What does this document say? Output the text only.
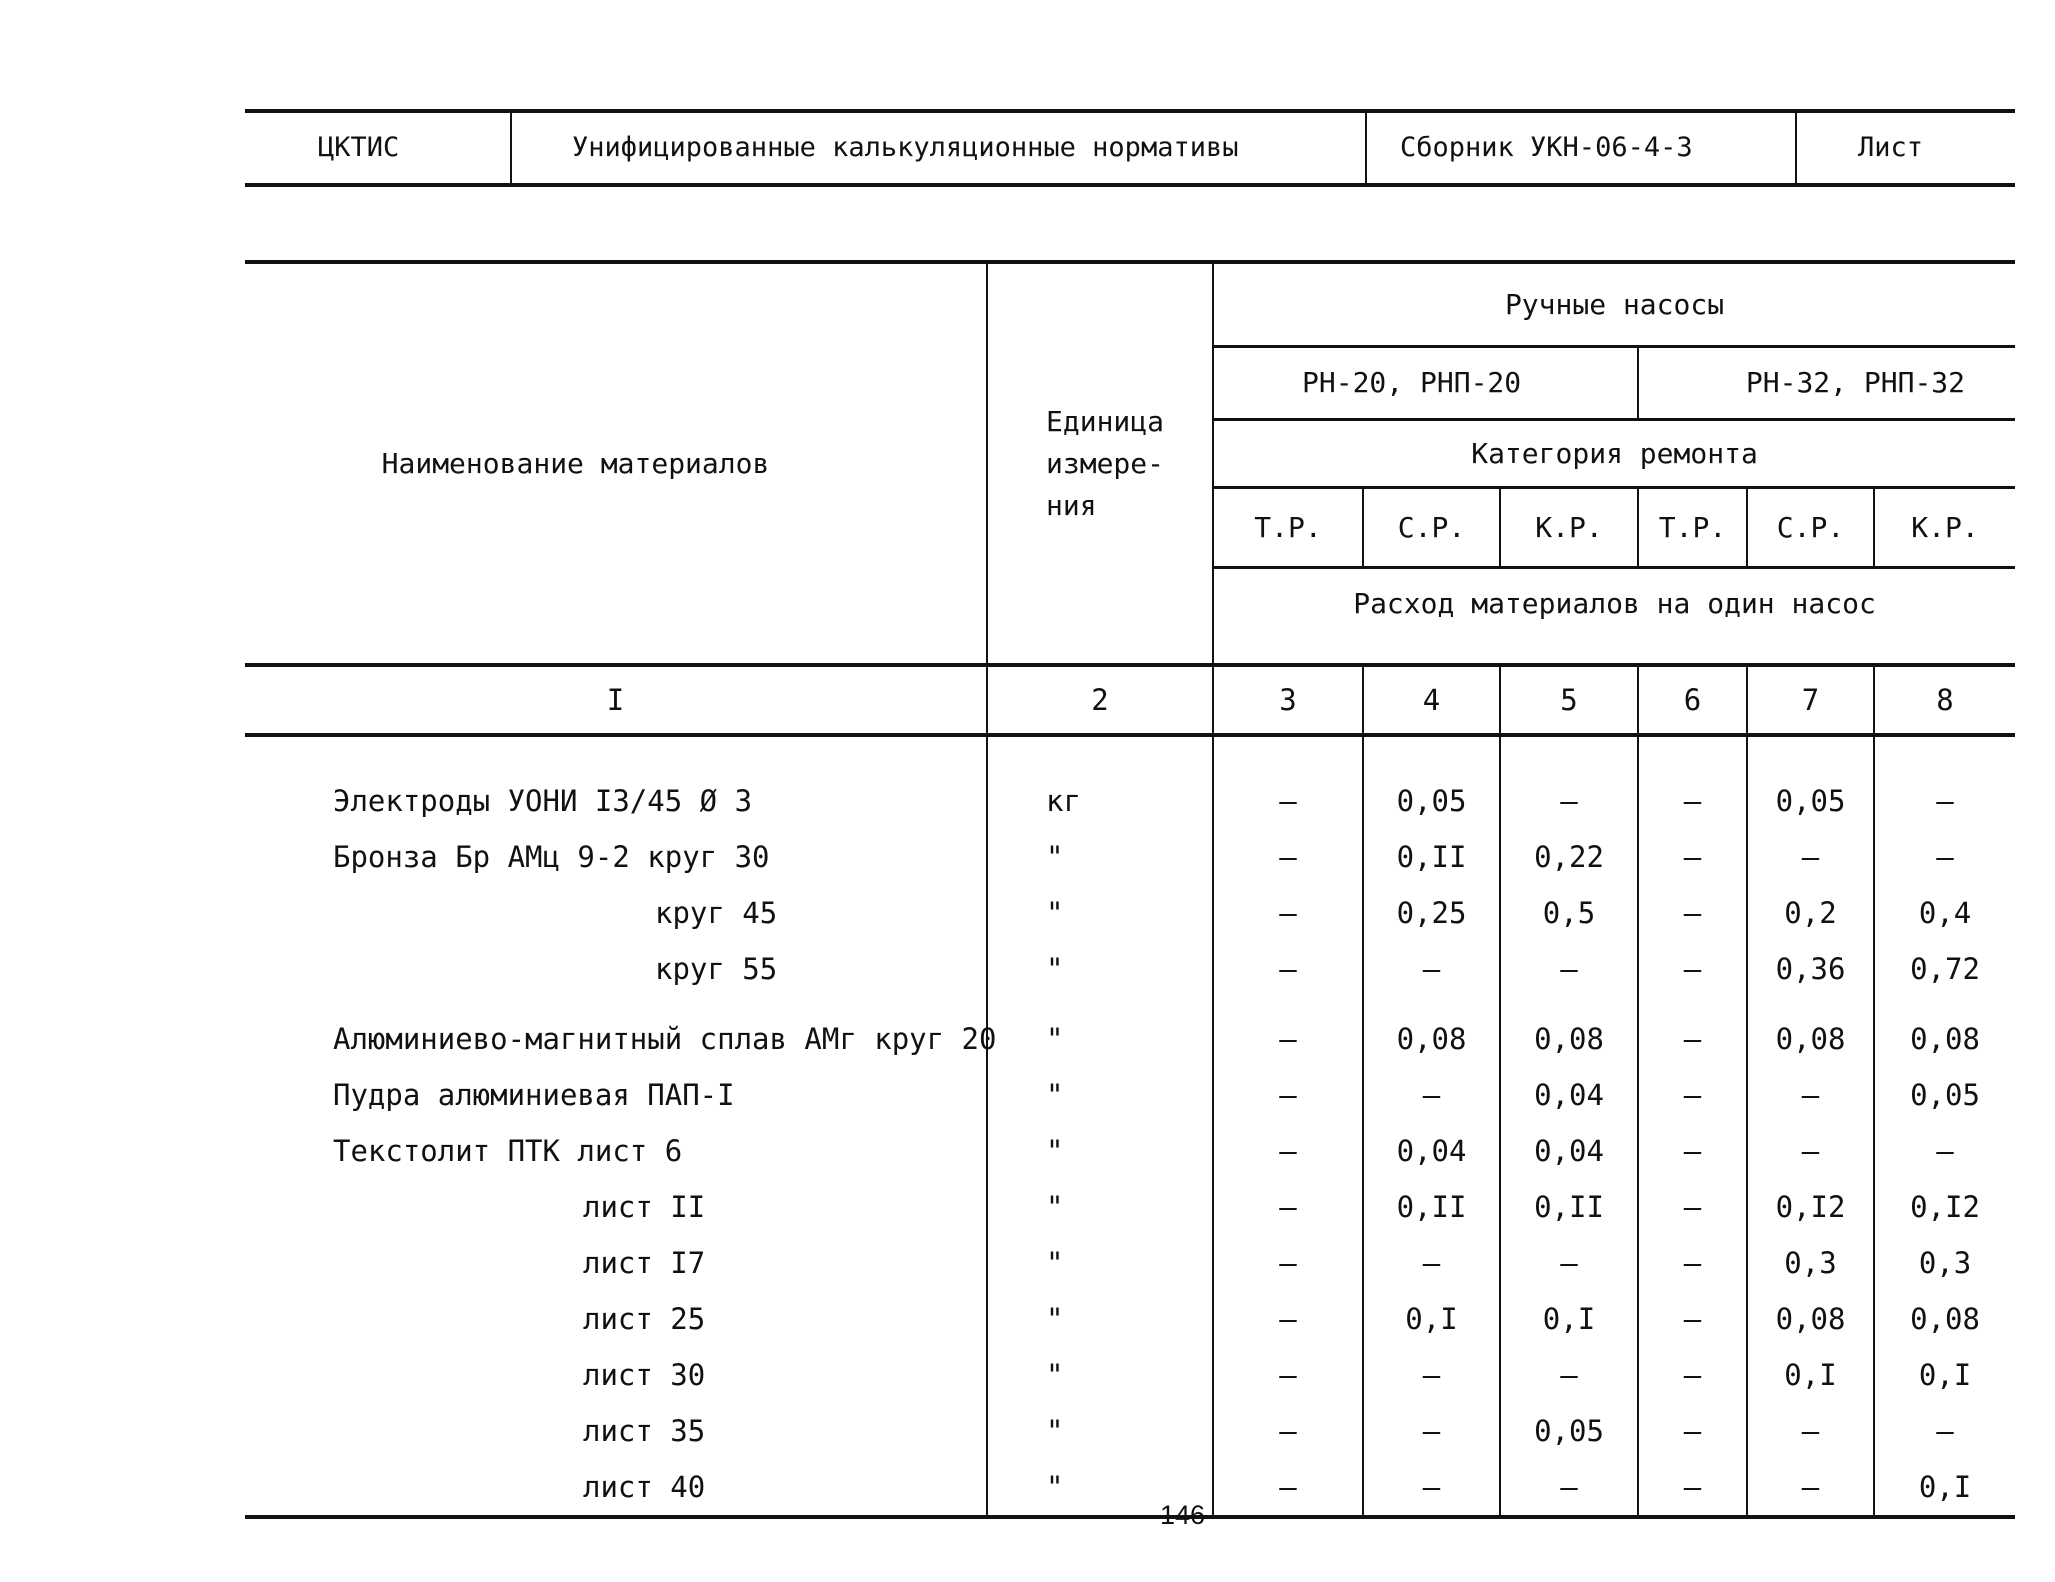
ЦКТИС	Унифицированные калькуляционные нормативы	Сборник УКН-06-4-3	Лист
Наименование материалов	Единица
измере-
ния	Ручные насосы					
		РН-20, РНП-20			РН-32, РНП-32		
		Категория ремонта					
		Т.Р.	С.Р.	К.Р.	Т.Р.	С.Р.	К.Р.
		Расход материалов на один насос					
I	2	3	4	5	6	7	8
Электроды УОНИ I3/45 Ø 3	кг	–	0,05	–	–	0,05	–
Бронза Бр АМц 9-2 круг 30	"	–	0,II	0,22	–	–	–
круг 45	"	–	0,25	0,5	–	0,2	0,4
круг 55	"	–	–	–	–	0,36	0,72
Алюминиево-магнитный сплав АМг круг 20	"	–	0,08	0,08	–	0,08	0,08
Пудра алюминиевая ПАП-I	"	–	–	0,04	–	–	0,05
Текстолит ПТК лист 6	"	–	0,04	0,04	–	–	–
лист II	"	–	0,II	0,II	–	0,I2	0,I2
лист I7	"	–	–	–	–	0,3	0,3
лист 25	"	–	0,I	0,I	–	0,08	0,08
лист 30	"	–	–	–	–	0,I	0,I
лист 35	"	–	–	0,05	–	–	–
лист 40	"	–	–	–	–	–	0,I
146
